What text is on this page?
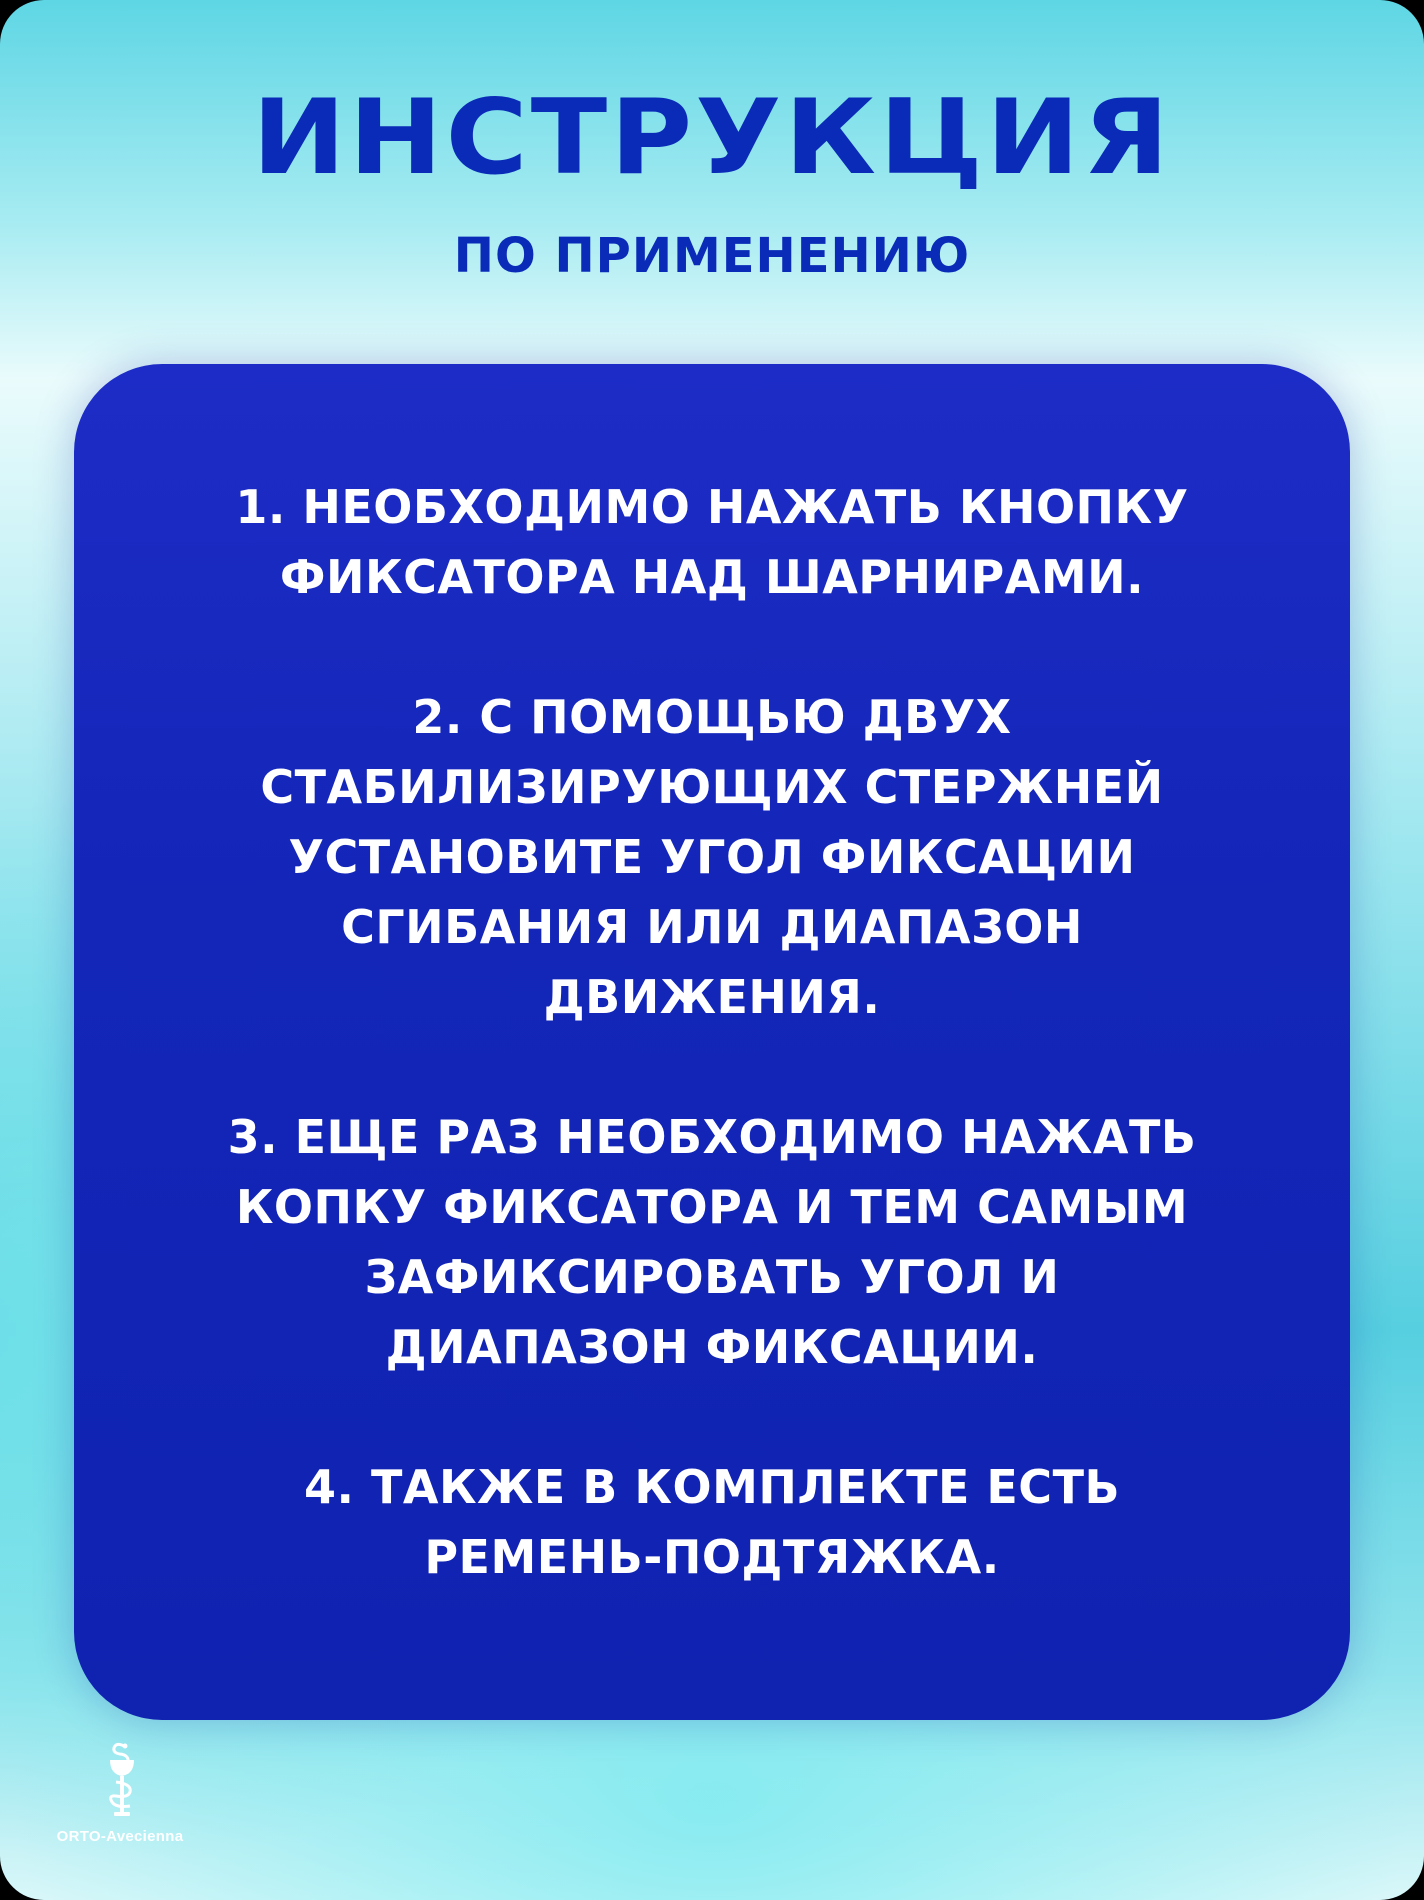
ИНСТРУКЦИЯ
ПО ПРИМЕНЕНИЮ
1. НЕОБХОДИМО НАЖАТЬ КНОПКУ
ФИКСАТОРА НАД ШАРНИРАМИ.
2. С ПОМОЩЬЮ ДВУХ
СТАБИЛИЗИРУЮЩИХ СТЕРЖНЕЙ
УСТАНОВИТЕ УГОЛ ФИКСАЦИИ
СГИБАНИЯ ИЛИ ДИАПАЗОН
ДВИЖЕНИЯ.
3. ЕЩЕ РАЗ НЕОБХОДИМО НАЖАТЬ
КОПКУ ФИКСАТОРА И ТЕМ САМЫМ
ЗАФИКСИРОВАТЬ УГОЛ И
ДИАПАЗОН ФИКСАЦИИ.
4. ТАКЖЕ В КОМПЛЕКТЕ ЕСТЬ
РЕМЕНЬ-ПОДТЯЖКА.
ORTO-Avecienna
